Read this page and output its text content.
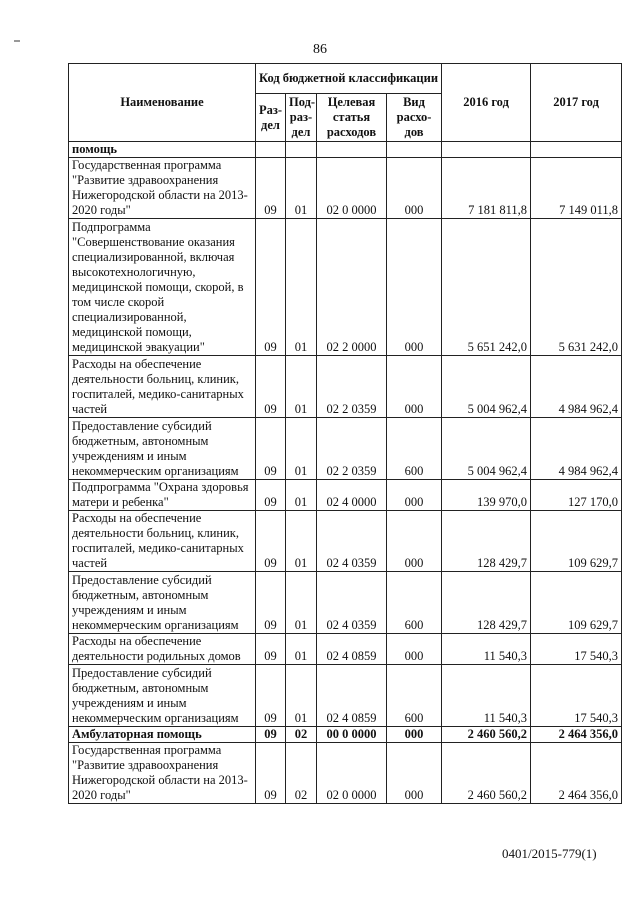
86
Наименование	Код бюджетной классификации				2016 год	2017 год
	Раз-дел	Под-раз-дел	Целевая статья расходов	Вид расхо-дов		
помощь						
Государственная программа "Развитие здравоохранения Нижегородской области на 2013-2020 годы"	09	01	02 0 0000	000	7 181 811,8	7 149 011,8
Подпрограмма "Совершенствование оказания специализированной, включая высокотехнологичную, медицинской помощи, скорой, в том числе скорой специализированной, медицинской помощи, медицинской эвакуации"	09	01	02 2 0000	000	5 651 242,0	5 631 242,0
Расходы на обеспечение деятельности больниц, клиник, госпиталей, медико-санитарных частей	09	01	02 2 0359	000	5 004 962,4	4 984 962,4
Предоставление субсидий бюджетным, автономным учреждениям и иным некоммерческим организациям	09	01	02 2 0359	600	5 004 962,4	4 984 962,4
Подпрограмма "Охрана здоровья матери и ребенка"	09	01	02 4 0000	000	139 970,0	127 170,0
Расходы на обеспечение деятельности больниц, клиник, госпиталей, медико-санитарных частей	09	01	02 4 0359	000	128 429,7	109 629,7
Предоставление субсидий бюджетным, автономным учреждениям и иным некоммерческим организациям	09	01	02 4 0359	600	128 429,7	109 629,7
Расходы на обеспечение деятельности родильных домов	09	01	02 4 0859	000	11 540,3	17 540,3
Предоставление субсидий бюджетным, автономным учреждениям и иным некоммерческим организациям	09	01	02 4 0859	600	11 540,3	17 540,3
Амбулаторная помощь	09	02	00 0 0000	000	2 460 560,2	2 464 356,0
Государственная программа "Развитие здравоохранения Нижегородской области на 2013-2020 годы"	09	02	02 0 0000	000	2 460 560,2	2 464 356,0
0401/2015-779(1)
